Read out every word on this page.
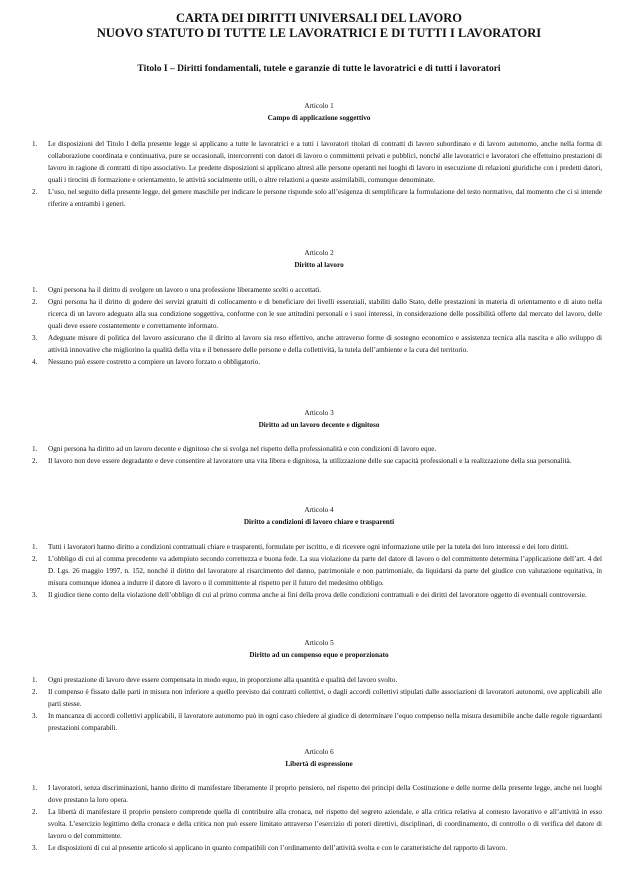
CARTA DEI DIRITTI UNIVERSALI DEL LAVORO
NUOVO STATUTO DI TUTTE LE LAVORATRICI E DI TUTTI I LAVORATORI
Titolo I – Diritti fondamentali, tutele e garanzie di tutte le lavoratrici e di tutti i lavoratori
Articolo 1
Campo di applicazione soggettivo
1. Le disposizioni del Titolo I della presente legge si applicano a tutte le lavoratrici e a tutti i lavoratori titolari di contratti di lavoro subordinato e di lavoro autonomo, anche nella forma di collaborazione coordinata e continuativa, pure se occasionali, intercorrenti con datori di lavoro o committenti privati e pubblici, nonché alle lavoratrici e lavoratori che effettuino prestazioni di lavoro in ragione di contratti di tipo associativo. Le predette disposizioni si applicano altresì alle persone operanti nei luoghi di lavoro in esecuzione di relazioni giuridiche con i predetti datori, quali i tirocini di formazione e orientamento, le attività socialmente utili, o altre relazioni a queste assimilabili, comunque denominate.
2. L’uso, nel seguito della presente legge, del genere maschile per indicare le persone risponde solo all’esigenza di semplificare la formulazione del testo normativo, dal momento che ci si intende riferire a entrambi i generi.
Articolo 2
Diritto al lavoro
1. Ogni persona ha il diritto di svolgere un lavoro o una professione liberamente scelti o accettati.
2. Ogni persona ha il diritto di godere dei servizi gratuiti di collocamento e di beneficiare dei livelli essenziali, stabiliti dallo Stato, delle prestazioni in materia di orientamento e di aiuto nella ricerca di un lavoro adeguato alla sua condizione soggettiva, conforme con le sue attitudini personali e i suoi interessi, in considerazione delle possibilità offerte dal mercato del lavoro, delle quali deve essere costantemente e correttamente informato.
3. Adeguate misure di politica del lavoro assicurano che il diritto al lavoro sia reso effettivo, anche attraverso forme di sostegno economico e assistenza tecnica alla nascita e allo sviluppo di attività innovative che migliorino la qualità della vita e il benessere delle persone e della collettività, la tutela dell’ambiente e la cura del territorio.
4. Nessuno può essere costretto a compiere un lavoro forzato o obbligatorio.
Articolo 3
Diritto ad un lavoro decente e dignitoso
1. Ogni persona ha diritto ad un lavoro decente e dignitoso che si svolga nel rispetto della professionalità e con condizioni di lavoro eque.
2. Il lavoro non deve essere degradante e deve consentire al lavoratore una vita libera e dignitosa, la utilizzazione delle sue capacità professionali e la realizzazione della sua personalità.
Articolo 4
Diritto a condizioni di lavoro chiare e trasparenti
1. Tutti i lavoratori hanno diritto a condizioni contrattuali chiare e trasparenti, formulate per iscritto, e di ricevere ogni informazione utile per la tutela dei loro interessi e dei loro diritti.
2. L’obbligo di cui al comma precedente va adempiuto secondo correttezza e buona fede. La sua violazione da parte del datore di lavoro o del committente determina l’applicazione dell’art. 4 del D. Lgs. 26 maggio 1997, n. 152, nonché il diritto del lavoratore al risarcimento del danno, patrimoniale e non patrimoniale, da liquidarsi da parte del giudice con valutazione equitativa, in misura comunque idonea a indurre il datore di lavoro o il committente al rispetto per il futuro del medesimo obbligo.
3. Il giudice tiene conto della violazione dell’obbligo di cui al primo comma anche ai fini della prova delle condizioni contrattuali e dei diritti del lavoratore oggetto di eventuali controversie.
Articolo 5
Diritto ad un compenso equo e proporzionato
1. Ogni prestazione di lavoro deve essere compensata in modo equo, in proporzione alla quantità e qualità del lavoro svolto.
2. Il compenso è fissato dalle parti in misura non inferiore a quello previsto dai contratti collettivi, o dagli accordi collettivi stipulati dalle associazioni di lavoratori autonomi, ove applicabili alle parti stesse.
3. In mancanza di accordi collettivi applicabili, il lavoratore autonomo può in ogni caso chiedere al giudice di determinare l’equo compenso nella misura desumibile anche dalle regole riguardanti prestazioni comparabili.
Articolo 6
Libertà di espressione
1. I lavoratori, senza discriminazioni, hanno diritto di manifestare liberamente il proprio pensiero, nel rispetto dei principi della Costituzione e delle norme della presente legge, anche nei luoghi dove prestano la loro opera.
2. La libertà di manifestare il proprio pensiero comprende quella di contribuire alla cronaca, nel rispetto del segreto aziendale, e alla critica relativa al contesto lavorativo e all’attività in esso svolta. L’esercizio legittimo della cronaca e della critica non può essere limitato attraverso l’esercizio di poteri direttivi, disciplinari, di coordinamento, di controllo o di verifica del datore di lavoro o del committente.
3. Le disposizioni di cui al presente articolo si applicano in quanto compatibili con l’ordinamento dell’attività svolta e con le caratteristiche del rapporto di lavoro.
